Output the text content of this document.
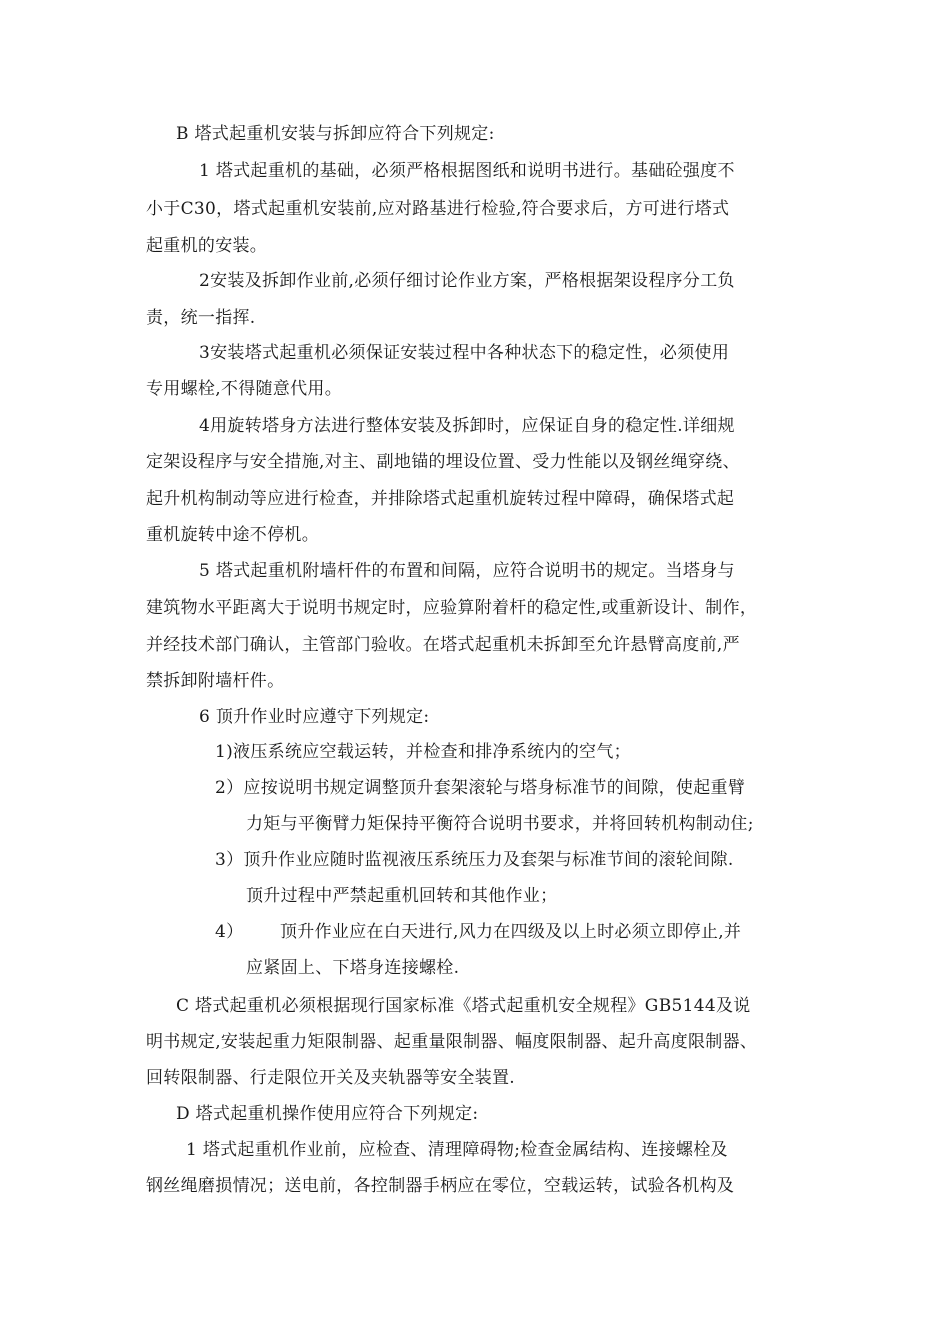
B 塔式起重机安装与拆卸应符合下列规定:
1 塔式起重机的基础，必须严格根据图纸和说明书进行。基础砼强度不
小于C30，塔式起重机安装前,应对路基进行检验,符合要求后，方可进行塔式
起重机的安装。
2安装及拆卸作业前,必须仔细讨论作业方案，严格根据架设程序分工负
责，统一指挥.
3安装塔式起重机必须保证安装过程中各种状态下的稳定性，必须使用
专用螺栓,不得随意代用。
4用旋转塔身方法进行整体安装及拆卸时，应保证自身的稳定性.详细规
定架设程序与安全措施,对主、副地锚的埋设位置、受力性能以及钢丝绳穿绕、
起升机构制动等应进行检查，并排除塔式起重机旋转过程中障碍，确保塔式起
重机旋转中途不停机。
5 塔式起重机附墙杆件的布置和间隔，应符合说明书的规定。当塔身与
建筑物水平距离大于说明书规定时，应验算附着杆的稳定性,或重新设计、制作，
并经技术部门确认，主管部门验收。在塔式起重机未拆卸至允许悬臂高度前,严
禁拆卸附墙杆件。
6 顶升作业时应遵守下列规定:
1)液压系统应空载运转，并检查和排净系统内的空气；
2）应按说明书规定调整顶升套架滚轮与塔身标准节的间隙，使起重臂
力矩与平衡臂力矩保持平衡符合说明书要求，并将回转机构制动住;
3）顶升作业应随时监视液压系统压力及套架与标准节间的滚轮间隙.
顶升过程中严禁起重机回转和其他作业；
4） 顶升作业应在白天进行,风力在四级及以上时必须立即停止,并
应紧固上、下塔身连接螺栓.
C 塔式起重机必须根据现行国家标准《塔式起重机安全规程》GB5144及说
明书规定,安装起重力矩限制器、起重量限制器、幅度限制器、起升高度限制器、
回转限制器、行走限位开关及夹轨器等安全装置.
D 塔式起重机操作使用应符合下列规定:
1 塔式起重机作业前，应检查、清理障碍物;检查金属结构、连接螺栓及
钢丝绳磨损情况；送电前，各控制器手柄应在零位，空载运转，试验各机构及
